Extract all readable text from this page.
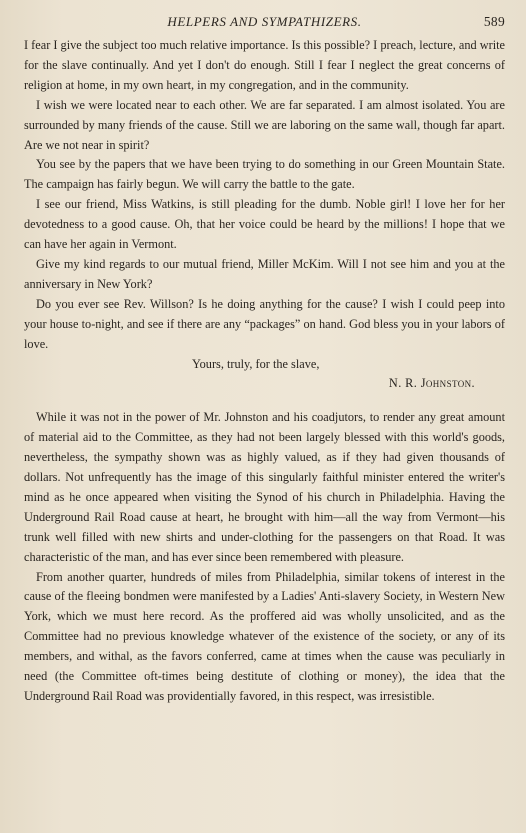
HELPERS AND SYMPATHIZERS.	589

I fear I give the subject too much relative importance. Is this possible? I preach, lecture, and write for the slave continually. And yet I don't do enough. Still I fear I neglect the great concerns of religion at home, in my own heart, in my congregation, and in the community.

I wish we were located near to each other. We are far separated. I am almost isolated. You are surrounded by many friends of the cause. Still we are laboring on the same wall, though far apart. Are we not near in spirit?

You see by the papers that we have been trying to do something in our Green Mountain State. The campaign has fairly begun. We will carry the battle to the gate.

I see our friend, Miss Watkins, is still pleading for the dumb. Noble girl! I love her for her devotedness to a good cause. Oh, that her voice could be heard by the millions! I hope that we can have her again in Vermont.

Give my kind regards to our mutual friend, Miller McKim. Will I not see him and you at the anniversary in New York?

Do you ever see Rev. Willson? Is he doing anything for the cause? I wish I could peep into your house to-night, and see if there are any “packages” on hand. God bless you in your labors of love.

Yours, truly, for the slave,
N. R. Johnston.

While it was not in the power of Mr. Johnston and his coadjutors, to render any great amount of material aid to the Committee, as they had not been largely blessed with this world's goods, nevertheless, the sympathy shown was as highly valued, as if they had given thousands of dollars. Not unfrequently has the image of this singularly faithful minister entered the writer's mind as he once appeared when visiting the Synod of his church in Philadelphia. Having the Underground Rail Road cause at heart, he brought with him—all the way from Vermont—his trunk well filled with new shirts and under-clothing for the passengers on that Road. It was characteristic of the man, and has ever since been remembered with pleasure.

From another quarter, hundreds of miles from Philadelphia, similar tokens of interest in the cause of the fleeing bondmen were manifested by a Ladies' Anti-slavery Society, in Western New York, which we must here record. As the proffered aid was wholly unsolicited, and as the Committee had no previous knowledge whatever of the existence of the society, or any of its members, and withal, as the favors conferred, came at times when the cause was peculiarly in need (the Committee oft-times being destitute of clothing or money), the idea that the Underground Rail Road was providentially favored, in this respect, was irresistible.
